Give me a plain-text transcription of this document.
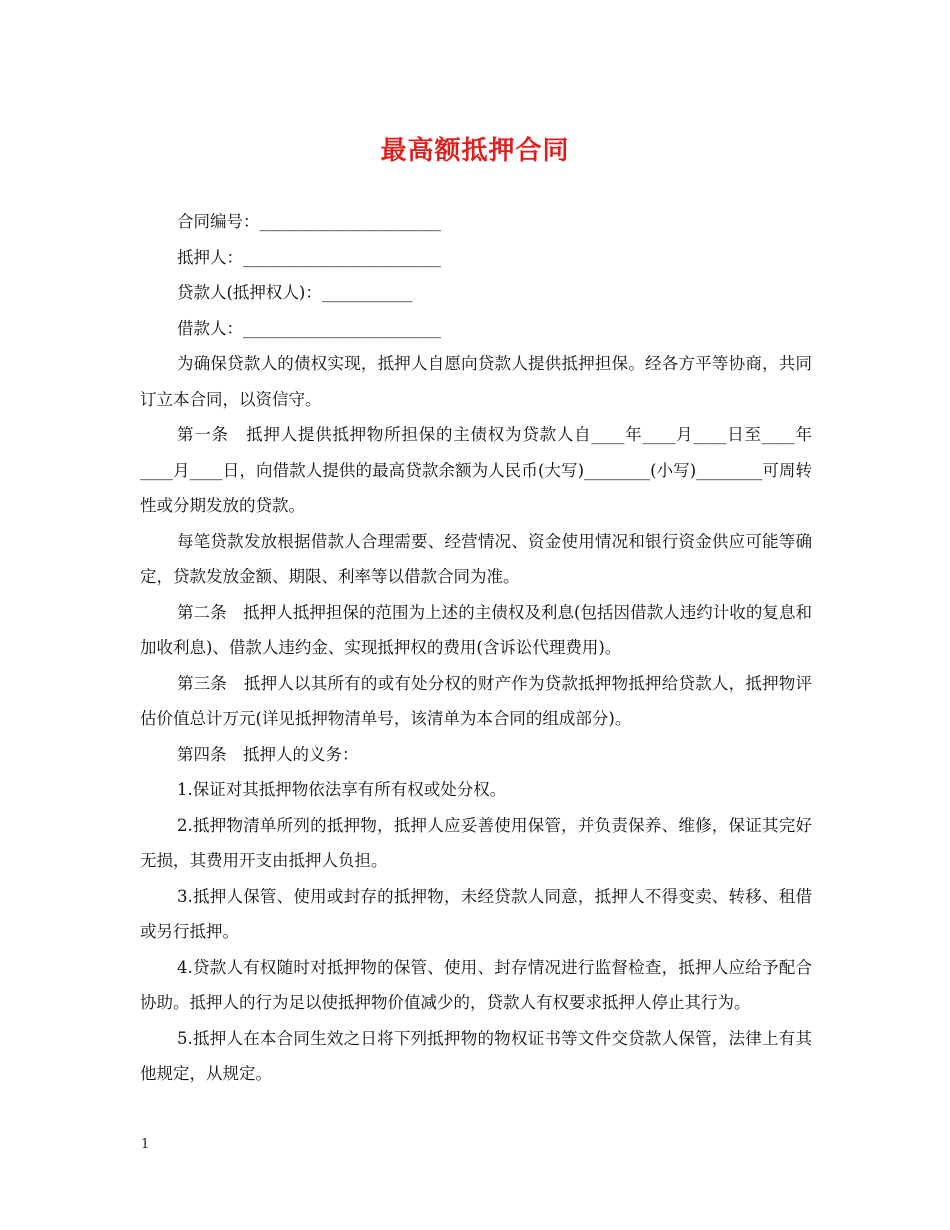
最高额抵押合同
合同编号：______________________
抵押人：________________________
贷款人(抵押权人)：___________
借款人：________________________

为确保贷款人的债权实现，抵押人自愿向贷款人提供抵押担保。经各方平等协商，共同订立本合同，以资信守。

第一条　抵押人提供抵押物所担保的主债权为贷款人自____年____月____日至____年____月____日，向借款人提供的最高贷款余额为人民币(大写)________(小写)________可周转性或分期发放的贷款。

每笔贷款发放根据借款人合理需要、经营情况、资金使用情况和银行资金供应可能等确定，贷款发放金额、期限、利率等以借款合同为准。

第二条　抵押人抵押担保的范围为上述的主债权及利息(包括因借款人违约计收的复息和加收利息)、借款人违约金、实现抵押权的费用(含诉讼代理费用)。

第三条　抵押人以其所有的或有处分权的财产作为贷款抵押物抵押给贷款人，抵押物评估价值总计万元(详见抵押物清单号，该清单为本合同的组成部分)。

第四条　抵押人的义务：

1.保证对其抵押物依法享有所有权或处分权。

2.抵押物清单所列的抵押物，抵押人应妥善使用保管，并负责保养、维修，保证其完好无损，其费用开支由抵押人负担。

3.抵押人保管、使用或封存的抵押物，未经贷款人同意，抵押人不得变卖、转移、租借或另行抵押。

4.贷款人有权随时对抵押物的保管、使用、封存情况进行监督检查，抵押人应给予配合协助。抵押人的行为足以使抵押物价值减少的，贷款人有权要求抵押人停止其行为。

5.抵押人在本合同生效之日将下列抵押物的物权证书等文件交贷款人保管，法律上有其他规定，从规定。

1
